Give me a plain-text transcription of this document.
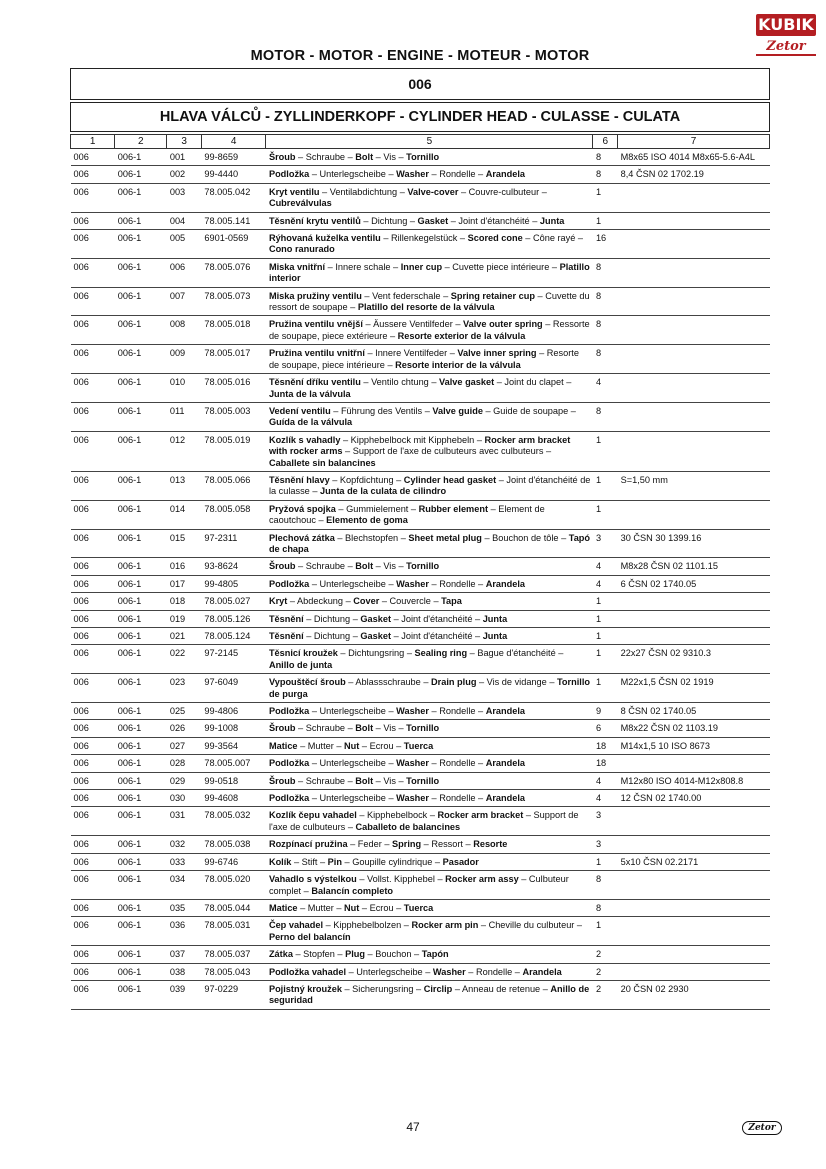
KUBIK
Zetor
MOTOR - MOTOR - ENGINE - MOTEUR - MOTOR
006
HLAVA VÁLCŮ - ZYLLINDERKOPF - CYLINDER HEAD - CULASSE - CULATA
1	2	3	4	5	6	7
006	006-1	001	99-8659	Šroub – Schraube – Bolt – Vis – Tornillo	8	M8x65 ISO 4014 M8x65-5.6-A4L
006	006-1	002	99-4440	Podložka – Unterlegscheibe – Washer – Rondelle – Arandela	8	8,4 ČSN 02 1702.19
006	006-1	003	78.005.042	Kryt ventilu – Ventilabdichtung – Valve-cover – Couvre-culbuteur – Cubreválvulas	1	
006	006-1	004	78.005.141	Těsnění krytu ventilů – Dichtung – Gasket – Joint d'étanchéité – Junta	1	
006	006-1	005	6901-0569	Rýhovaná kuželka ventilu – Rillenkegelstück – Scored cone – Cône rayé – Cono ranurado	16	
006	006-1	006	78.005.076	Miska vnitřní – Innere schale – Inner cup – Cuvette piece intérieure – Platillo interior	8	
006	006-1	007	78.005.073	Miska pružiny ventilu – Vent federschale – Spring retainer cup – Cuvette du ressort de soupape – Platillo del resorte de la válvula	8	
006	006-1	008	78.005.018	Pružina ventilu vnější – Äussere Ventilfeder – Valve outer spring – Ressorte de soupape, piece extérieure – Resorte exterior de la válvula	8	
006	006-1	009	78.005.017	Pružina ventilu vnitřní – Innere Ventilfeder – Valve inner spring – Resorte de soupape, piece intérieure – Resorte interior de la válvula	8	
006	006-1	010	78.005.016	Těsnění dříku ventilu – Ventilo chtung – Valve gasket – Joint du clapet – Junta de la válvula	4	
006	006-1	011	78.005.003	Vedení ventilu – Führung des Ventils – Valve guide – Guide de soupape – Guída de la válvula	8	
006	006-1	012	78.005.019	Kozlík s vahadly – Kipphebelbock mit Kipphebeln – Rocker arm bracket with rocker arms – Support de l'axe de culbuteurs avec culbuteurs – Caballete sin balancines	1	
006	006-1	013	78.005.066	Těsnění hlavy – Kopfdichtung – Cylinder head gasket – Joint d'étanchéité de la culasse – Junta de la culata de cilindro	1	S=1,50 mm
006	006-1	014	78.005.058	Pryžová spojka – Gummielement – Rubber element – Element de caoutchouc – Elemento de goma	1	
006	006-1	015	97-2311	Plechová zátka – Blechstopfen – Sheet metal plug – Bouchon de tôle – Tapó de chapa	3	30 ČSN 30 1399.16
006	006-1	016	93-8624	Šroub – Schraube – Bolt – Vis – Tornillo	4	M8x28 ČSN 02 1101.15
006	006-1	017	99-4805	Podložka – Unterlegscheibe – Washer – Rondelle – Arandela	4	6 ČSN 02 1740.05
006	006-1	018	78.005.027	Kryt – Abdeckung – Cover – Couvercle – Tapa	1	
006	006-1	019	78.005.126	Těsnění – Dichtung – Gasket – Joint d'étanchéité – Junta	1	
006	006-1	021	78.005.124	Těsnění – Dichtung – Gasket – Joint d'étanchéité – Junta	1	
006	006-1	022	97-2145	Těsnicí kroužek – Dichtungsring – Sealing ring – Bague d'étanchéité – Anillo de junta	1	22x27 ČSN 02 9310.3
006	006-1	023	97-6049	Vypouštěcí šroub – Ablassschraube – Drain plug – Vis de vidange – Tornillo de purga	1	M22x1,5 ČSN 02 1919
006	006-1	025	99-4806	Podložka – Unterlegscheibe – Washer – Rondelle – Arandela	9	8 ČSN 02 1740.05
006	006-1	026	99-1008	Šroub – Schraube – Bolt – Vis – Tornillo	6	M8x22 ČSN 02 1103.19
006	006-1	027	99-3564	Matice – Mutter – Nut – Ecrou – Tuerca	18	M14x1,5 10 ISO 8673
006	006-1	028	78.005.007	Podložka – Unterlegscheibe – Washer – Rondelle – Arandela	18	
006	006-1	029	99-0518	Šroub – Schraube – Bolt – Vis – Tornillo	4	M12x80 ISO 4014-M12x808.8
006	006-1	030	99-4608	Podložka – Unterlegscheibe – Washer – Rondelle – Arandela	4	12 ČSN 02 1740.00
006	006-1	031	78.005.032	Kozlík čepu vahadel – Kipphebelbock – Rocker arm bracket – Support de l'axe de culbuteurs – Caballeto de balancines	3	
006	006-1	032	78.005.038	Rozpínací pružina – Feder – Spring – Ressort – Resorte	3	
006	006-1	033	99-6746	Kolík – Stift – Pin – Goupille cylindrique – Pasador	1	5x10 ČSN 02.2171
006	006-1	034	78.005.020	Vahadlo s výstelkou – Vollst. Kipphebel – Rocker arm assy – Culbuteur complet – Balancín completo	8	
006	006-1	035	78.005.044	Matice – Mutter – Nut – Ecrou – Tuerca	8	
006	006-1	036	78.005.031	Čep vahadel – Kipphebelbolzen – Rocker arm pin – Cheville du culbuteur – Perno del balancín	1	
006	006-1	037	78.005.037	Zátka – Stopfen – Plug – Bouchon – Tapón	2	
006	006-1	038	78.005.043	Podložka vahadel – Unterlegscheibe – Washer – Rondelle – Arandela	2	
006	006-1	039	97-0229	Pojistný kroužek – Sicherungsring – Circlip – Anneau de retenue – Anillo de seguridad	2	20 ČSN 02 2930
47	Zetor
